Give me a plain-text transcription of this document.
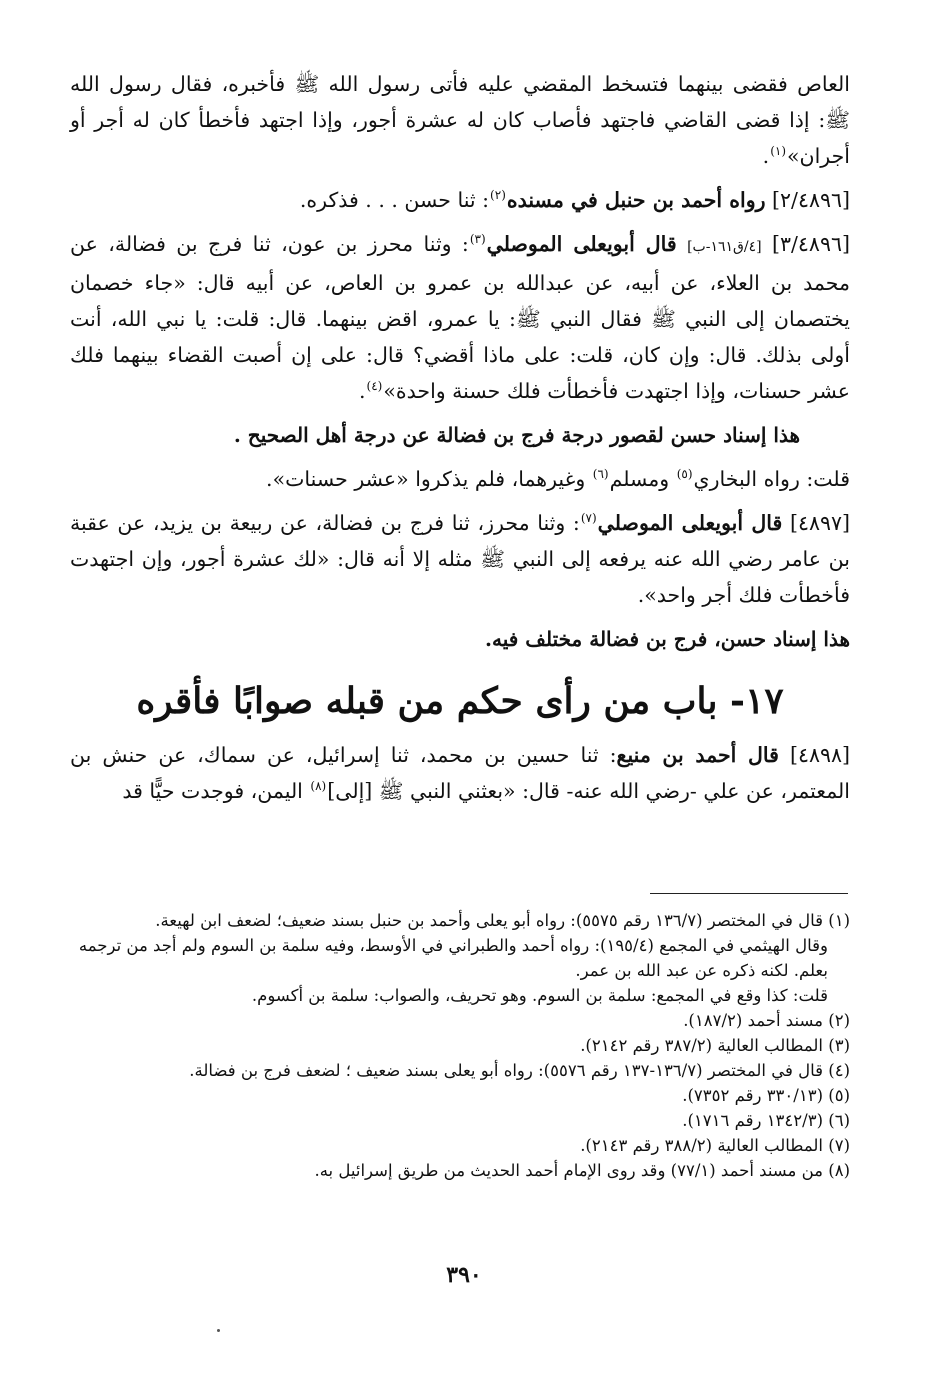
العاص فقضى بينهما فتسخط المقضي عليه فأتى رسول الله ﷺ فأخبره، فقال رسول الله ﷺ: إذا قضى القاضي فاجتهد فأصاب كان له عشرة أجور، وإذا اجتهد فأخطأ كان له أجر أو أجران»$^{(١)}$.

[٢/٤٨٩٦] رواه أحمد بن حنبل في مسنده$^{(٢)}$: ثنا حسن . . . فذكره.

[٣/٤٨٩٦] [٤/ق١٦١-ب] قال أبويعلى الموصلي$^{(٣)}$: وثنا محرز بن عون، ثنا فرج بن فضالة، عن محمد بن العلاء، عن أبيه، عن عبدالله بن عمرو بن العاص، عن أبيه قال: «جاء خصمان يختصمان إلى النبي ﷺ فقال النبي ﷺ: يا عمرو، اقض بينهما. قال: قلت: يا نبي الله، أنت أولى بذلك. قال: وإن كان، قلت: على ماذا أقضي؟ قال: على إن أصبت القضاء بينهما فلك عشر حسنات، وإذا اجتهدت فأخطأت فلك حسنة واحدة»$^{(٤)}$.

هذا إسناد حسن لقصور درجة فرج بن فضالة عن درجة أهل الصحيح .

قلت: رواه البخاري$^{(٥)}$ ومسلم$^{(٦)}$ وغيرهما، فلم يذكروا «عشر حسنات».

[٤٨٩٧] قال أبويعلى الموصلي$^{(٧)}$: وثنا محرز، ثنا فرج بن فضالة، عن ربيعة بن يزيد، عن عقبة بن عامر رضي الله عنه يرفعه إلى النبي ﷺ مثله إلا أنه قال: «لك عشرة أجور، وإن اجتهدت فأخطأت فلك أجر واحد».

هذا إسناد حسن، فرج بن فضالة مختلف فيه.

١٧- باب من رأى حكم من قبله صوابًا فأقره

[٤٨٩٨] قال أحمد بن منيع: ثنا حسين بن محمد، ثنا إسرائيل، عن سماك، عن حنش بن المعتمر، عن علي -رضي الله عنه- قال: «بعثني النبي ﷺ [إلى]$^{(٨)}$ اليمن، فوجدت حيًّا قد

(١) قال في المختصر (١٣٦/٧ رقم ٥٥٧٥): رواه أبو يعلى وأحمد بن حنبل بسند ضعيف؛ لضعف ابن لهيعة.

وقال الهيثمي في المجمع (١٩٥/٤): رواه أحمد والطبراني في الأوسط، وفيه سلمة بن السوم ولم أجد من ترجمه بعلم. لكنه ذكره عن عبد الله بن عمر.

قلت: كذا وقع في المجمع: سلمة بن السوم. وهو تحريف، والصواب: سلمة بن أكسوم.

(٢) مسند أحمد (١٨٧/٢).

(٣) المطالب العالية (٣٨٧/٢ رقم ٢١٤٢).

(٤) قال في المختصر (١٣٦/٧-١٣٧ رقم ٥٥٧٦): رواه أبو يعلى بسند ضعيف ؛ لضعف فرج بن فضالة.

(٥) (٣٣٠/١٣ رقم ٧٣٥٢).

(٦) (١٣٤٢/٣ رقم ١٧١٦).

(٧) المطالب العالية (٣٨٨/٢ رقم ٢١٤٣).

(٨) من مسند أحمد (٧٧/١) وقد روى الإمام أحمد الحديث من طريق إسرائيل به.

٣٩٠
